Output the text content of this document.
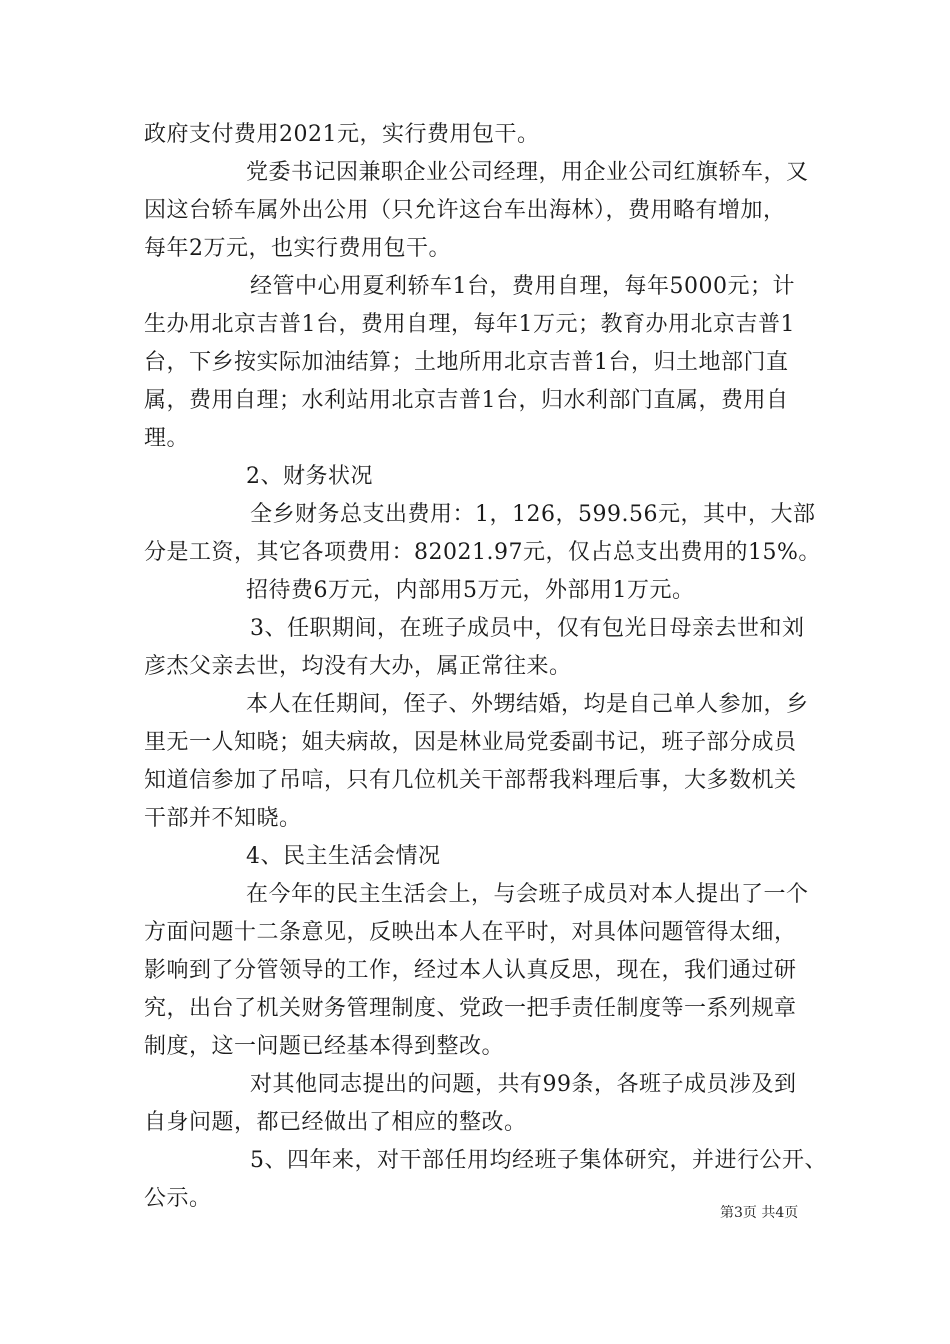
政府支付费用2021元，实行费用包干。
党委书记因兼职企业公司经理，用企业公司红旗轿车，又
因这台轿车属外出公用（只允许这台车出海林），费用略有增加，
每年2万元，也实行费用包干。
经管中心用夏利轿车1台，费用自理，每年5000元；计
生办用北京吉普1台，费用自理，每年1万元；教育办用北京吉普1
台，下乡按实际加油结算；土地所用北京吉普1台，归土地部门直
属，费用自理；水利站用北京吉普1台，归水利部门直属，费用自
理。
2、财务状况
全乡财务总支出费用：1，126，599.56元，其中，大部
分是工资，其它各项费用：82021.97元，仅占总支出费用的15%。
招待费6万元，内部用5万元，外部用1万元。
3、任职期间，在班子成员中，仅有包光日母亲去世和刘
彦杰父亲去世，均没有大办，属正常往来。
本人在任期间，侄子、外甥结婚，均是自己单人参加，乡
里无一人知晓；姐夫病故，因是林业局党委副书记，班子部分成员
知道信参加了吊唁，只有几位机关干部帮我料理后事，大多数机关
干部并不知晓。
4、民主生活会情况
在今年的民主生活会上，与会班子成员对本人提出了一个
方面问题十二条意见，反映出本人在平时，对具体问题管得太细，
影响到了分管领导的工作，经过本人认真反思，现在，我们通过研
究，出台了机关财务管理制度、党政一把手责任制度等一系列规章
制度，这一问题已经基本得到整改。
对其他同志提出的问题，共有99条，各班子成员涉及到
自身问题，都已经做出了相应的整改。
5、四年来，对干部任用均经班子集体研究，并进行公开、
公示。
第3页 共4页
